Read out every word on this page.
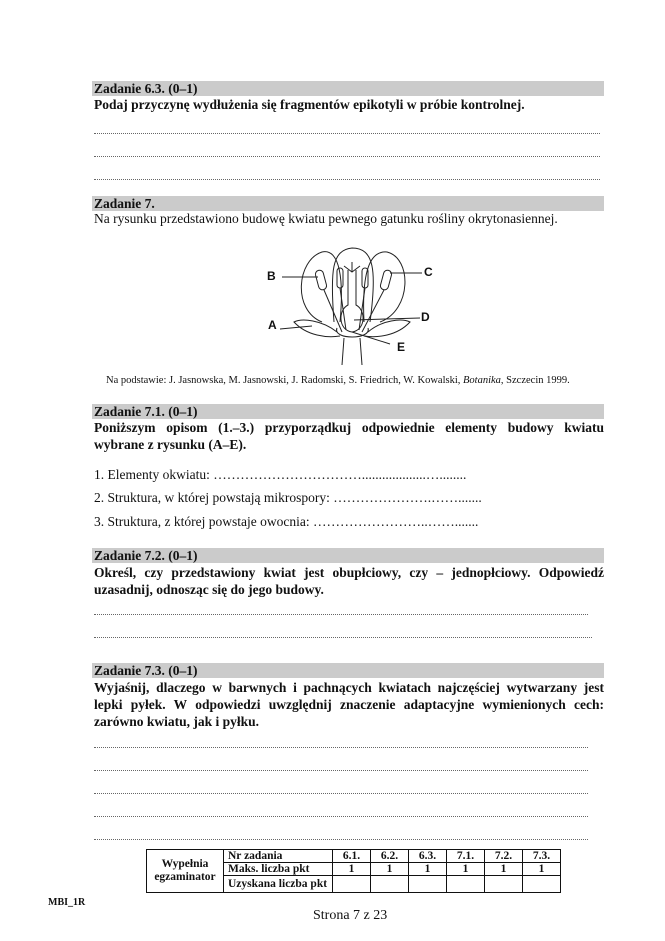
Zadanie 6.3. (0–1)
Podaj przyczynę wydłużenia się fragmentów epikotyli w próbie kontrolnej.
Zadanie 7.
Na rysunku przedstawiono budowę kwiatu pewnego gatunku rośliny okrytonasiennej.
B	C
D
A
E
Na podstawie: J. Jasnowska, M. Jasnowski, J. Radomski, S. Friedrich, W. Kowalski, Botanika, Szczecin 1999.
Zadanie 7.1. (0–1)
Poniższym opisom (1.–3.) przyporządkuj odpowiednie elementy budowy kwiatu wybrane z rysunku (A–E).
1. Elementy okwiatu: ……………………………...................…........
2. Struktura, w której powstają mikrospory: ………………….…….......
3. Struktura, z której powstaje owocnia: ……………………..…….......
Zadanie 7.2. (0–1)
Określ, czy przedstawiony kwiat jest obupłciowy, czy – jednopłciowy. Odpowiedź uzasadnij, odnosząc się do jego budowy.
Zadanie 7.3. (0–1)
Wyjaśnij, dlaczego w barwnych i pachnących kwiatach najczęściej wytwarzany jest lepki pyłek. W odpowiedzi uwzględnij znaczenie adaptacyjne wymienionych cech: zarówno kwiatu, jak i pyłku.
Wypełnia egzaminator	Nr zadania	6.1.	6.2.	6.3.	7.1.	7.2.	7.3.
	Maks. liczba pkt	1	1	1	1	1	1
	Uzyskana liczba pkt						
MBI_1R
Strona 7 z 23
